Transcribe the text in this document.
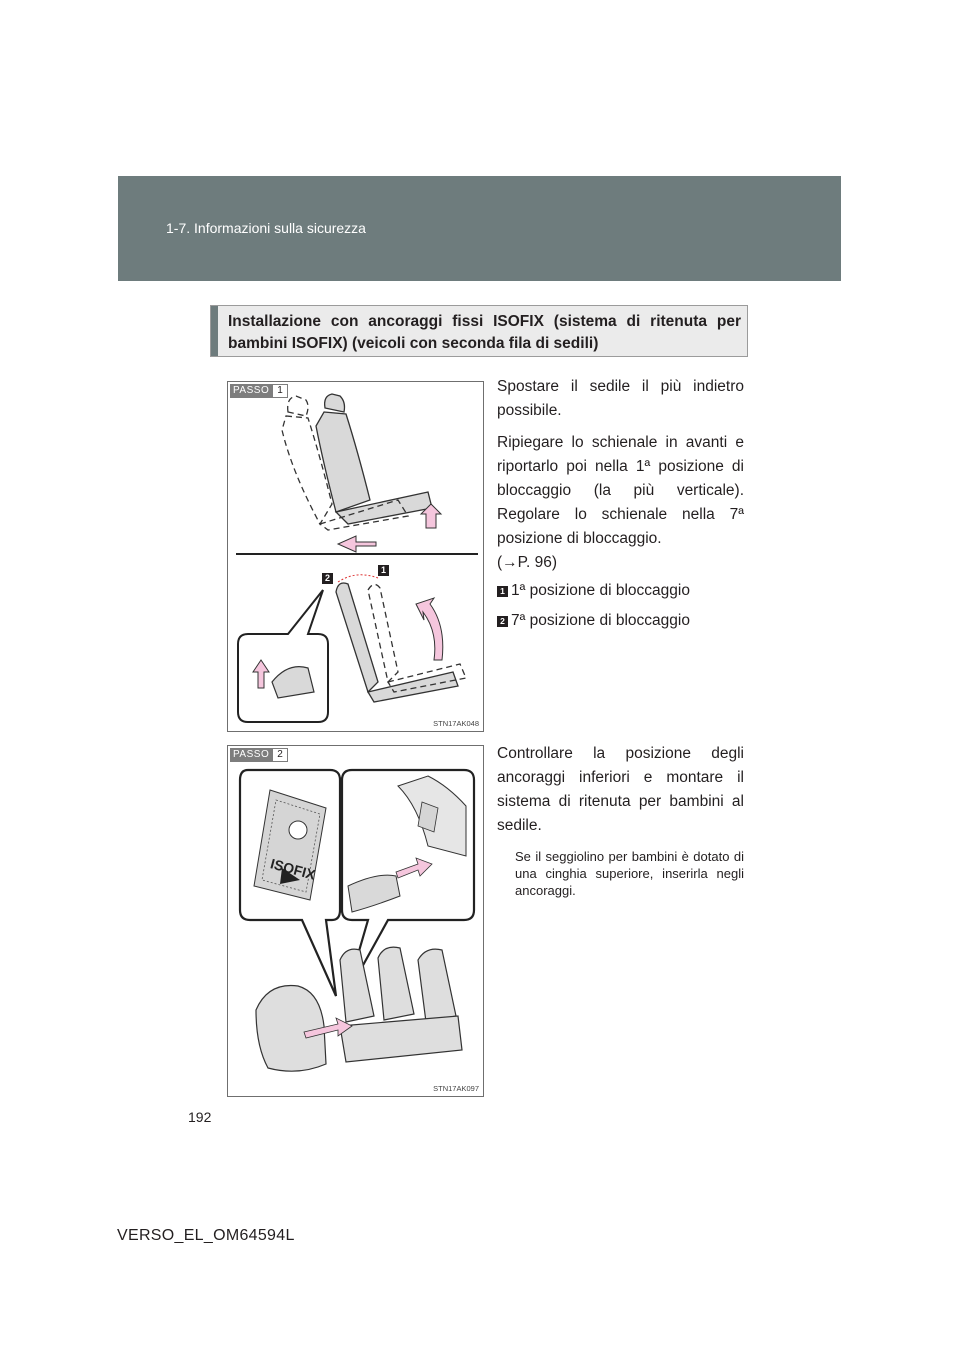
1-7. Informazioni sulla sicurezza
Installazione con ancoraggi fissi ISOFIX (sistema di ritenuta per bambini ISOFIX) (veicoli con seconda fila di sedili)
PASSO 1
2
1
STN17AK048

Spostare il sedile il più indietro possibile.

Ripiegare lo schienale in avanti e riportarlo poi nella 1ª posizione di bloccaggio (la più verticale). Regolare lo schienale nella 7ª posizione di bloccaggio.

(→P. 96)

1 1ª posizione di bloccaggio
2 7ª posizione di bloccaggio
ISOFIX
PASSO 2
STN17AK097

Controllare la posizione degli ancoraggi inferiori e montare il sistema di ritenuta per bambini al sedile.

Se il seggiolino per bambini è dotato di una cinghia superiore, inserirla negli ancoraggi.
192
VERSO_EL_OM64594L
